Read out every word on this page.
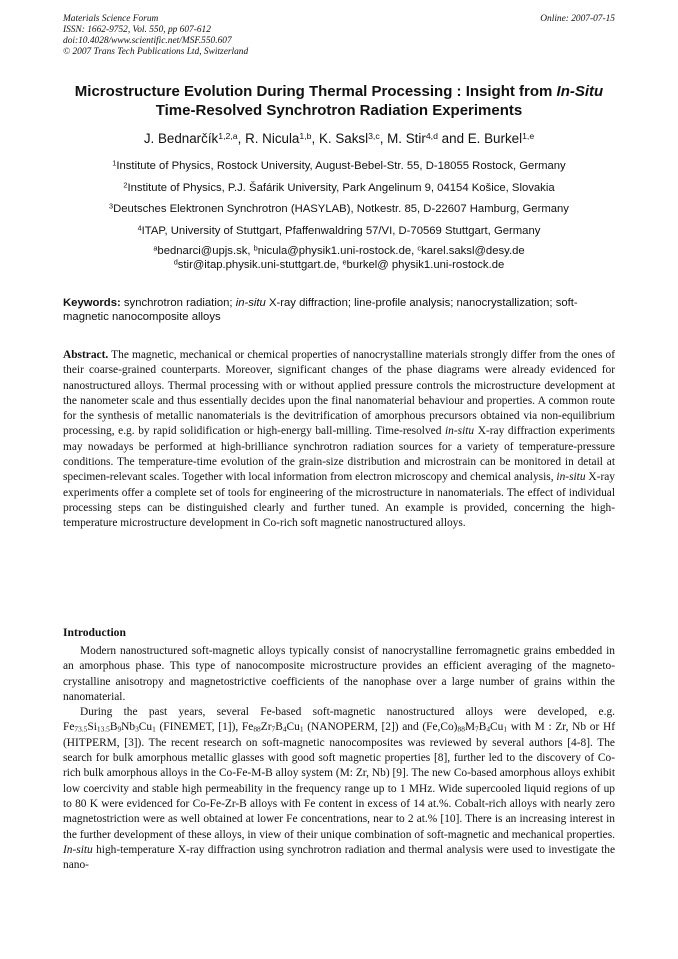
Materials Science Forum
ISSN: 1662-9752, Vol. 550, pp 607-612
doi:10.4028/www.scientific.net/MSF.550.607
© 2007 Trans Tech Publications Ltd, Switzerland
Online: 2007-07-15
Microstructure Evolution During Thermal Processing : Insight from In-Situ Time-Resolved Synchrotron Radiation Experiments
J. Bednarčík$^{1,2,a}$, R. Nicula$^{1,b}$, K. Saksl$^{3,c}$, M. Stir$^{4,d}$ and E. Burkel$^{1,e}$
$^1$Institute of Physics, Rostock University, August-Bebel-Str. 55, D-18055 Rostock, Germany
$^2$Institute of Physics, P.J. Šafárik University, Park Angelinum 9, 04154 Košice, Slovakia
$^3$Deutsches Elektronen Synchrotron (HASYLAB), Notkestr. 85, D-22607 Hamburg, Germany
$^4$ITAP, University of Stuttgart, Pfaffenwaldring 57/VI, D-70569 Stuttgart, Germany
$^a$bednarci@upjs.sk, $^b$nicula@physik1.uni-rostock.de, $^c$karel.saksl@desy.de
$^d$stir@itap.physik.uni-stuttgart.de, $^e$burkel@ physik1.uni-rostock.de
Keywords: synchrotron radiation; in-situ X-ray diffraction; line-profile analysis; nanocrystallization; soft-magnetic nanocomposite alloys
Abstract. The magnetic, mechanical or chemical properties of nanocrystalline materials strongly differ from the ones of their coarse-grained counterparts. Moreover, significant changes of the phase diagrams were already evidenced for nanostructured alloys. Thermal processing with or without applied pressure controls the microstructure development at the nanometer scale and thus essentially decides upon the final nanomaterial behaviour and properties. A common route for the synthesis of metallic nanomaterials is the devitrification of amorphous precursors obtained via non-equilibrium processing, e.g. by rapid solidification or high-energy ball-milling. Time-resolved in-situ X-ray diffraction experiments may nowadays be performed at high-brilliance synchrotron radiation sources for a variety of temperature-pressure conditions. The temperature-time evolution of the grain-size distribution and microstrain can be monitored in detail at specimen-relevant scales. Together with local information from electron microscopy and chemical analysis, in-situ X-ray experiments offer a complete set of tools for engineering of the microstructure in nanomaterials. The effect of individual processing steps can be distinguished clearly and further tuned. An example is provided, concerning the high-temperature microstructure development in Co-rich soft magnetic nanostructured alloys.
Introduction

Modern nanostructured soft-magnetic alloys typically consist of nanocrystalline ferromagnetic grains embedded in an amorphous phase. This type of nanocomposite microstructure provides an efficient averaging of the magneto-crystalline anisotropy and magnetostrictive coefficients of the nanophase over a large number of grains within the nanomaterial.

During the past years, several Fe-based soft-magnetic nanostructured alloys were developed, e.g. $Fe_{73.5}Si_{13.5}B_9Nb_3Cu_1$ (FINEMET, [1]), $Fe_{88}Zr_7B_4Cu_1$ (NANOPERM, [2]) and $(Fe,Co)_{88}M_7B_4Cu_1$ with M : Zr, Nb or Hf (HITPERM, [3]). The recent research on soft-magnetic nanocomposites was reviewed by several authors [4-8]. The search for bulk amorphous metallic glasses with good soft magnetic properties [8], further led to the discovery of Co-rich bulk amorphous alloys in the Co-Fe-M-B alloy system (M: Zr, Nb) [9]. The new Co-based amorphous alloys exhibit low coercivity and stable high permeability in the frequency range up to 1 MHz. Wide supercooled liquid regions of up to 80 K were evidenced for Co-Fe-Zr-B alloys with Fe content in excess of 14 at.%. Cobalt-rich alloys with nearly zero magnetostriction were as well obtained at lower Fe concentrations, near to 2 at.% [10]. There is an increasing interest in the further development of these alloys, in view of their unique combination of soft-magnetic and mechanical properties. In-situ high-temperature X-ray diffraction using synchrotron radiation and thermal analysis were used to investigate the nano-
